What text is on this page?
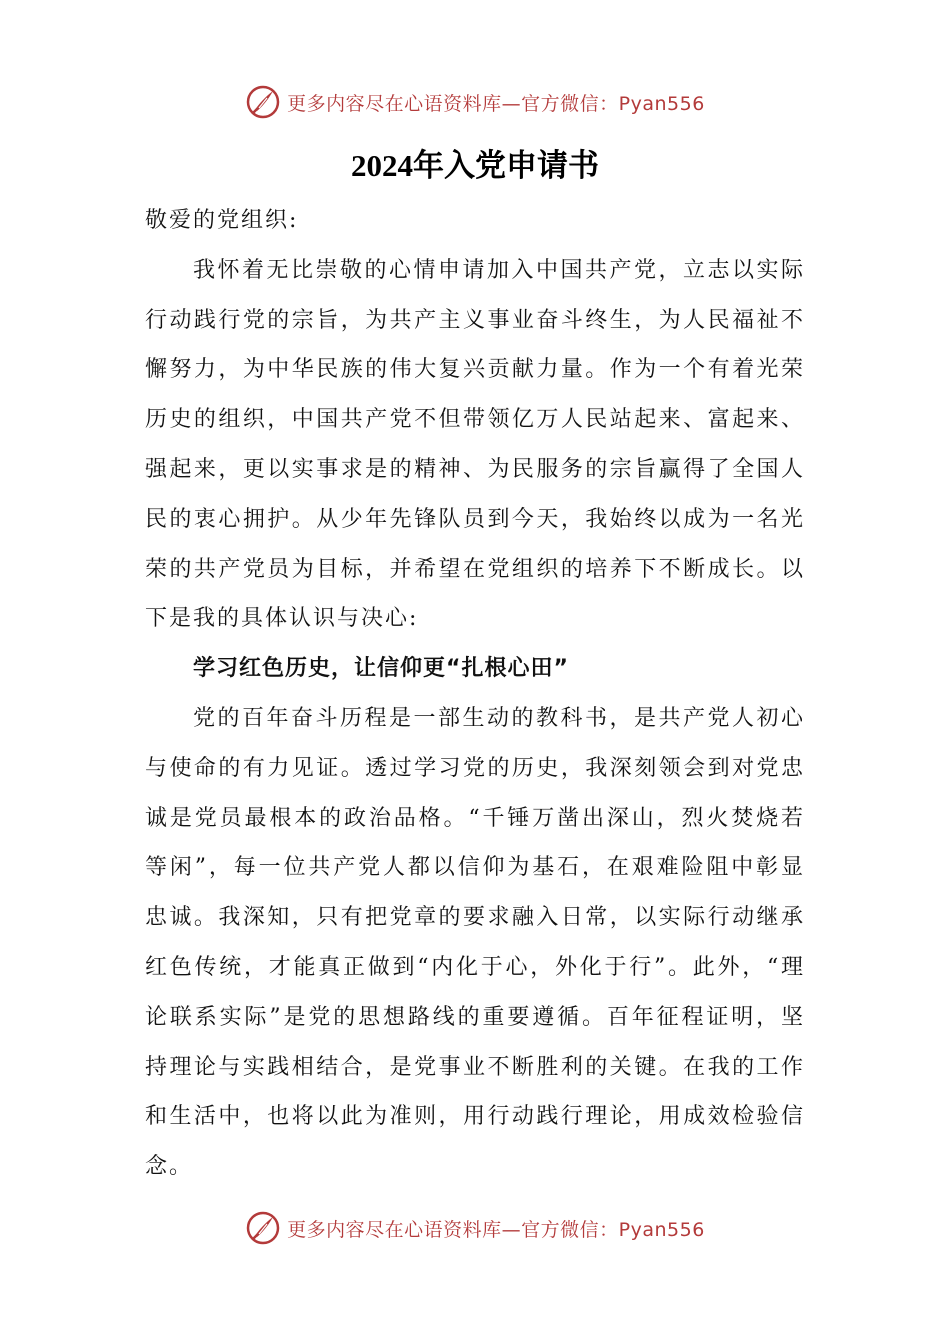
更多内容尽在心语资料库—官方微信：Pyan556
2024年入党申请书

敬爱的党组织:

我怀着无比崇敬的心情申请加入中国共产党，立志以实际行动践行党的宗旨，为共产主义事业奋斗终生，为人民福祉不懈努力，为中华民族的伟大复兴贡献力量。作为一个有着光荣历史的组织，中国共产党不但带领亿万人民站起来、富起来、强起来，更以实事求是的精神、为民服务的宗旨赢得了全国人民的衷心拥护。从少年先锋队员到今天，我始终以成为一名光荣的共产党员为目标，并希望在党组织的培养下不断成长。以下是我的具体认识与决心:

学习红色历史，让信仰更“扎根心田”

党的百年奋斗历程是一部生动的教科书，是共产党人初心与使命的有力见证。透过学习党的历史，我深刻领会到对党忠诚是党员最根本的政治品格。“千锤万凿出深山，烈火焚烧若等闲”，每一位共产党人都以信仰为基石，在艰难险阻中彰显忠诚。我深知，只有把党章的要求融入日常，以实际行动继承红色传统，才能真正做到“内化于心，外化于行”。此外，“理论联系实际”是党的思想路线的重要遵循。百年征程证明，坚持理论与实践相结合，是党事业不断胜利的关键。在我的工作和生活中，也将以此为准则，用行动践行理论，用成效检验信念。

更多内容尽在心语资料库—官方微信：Pyan556
